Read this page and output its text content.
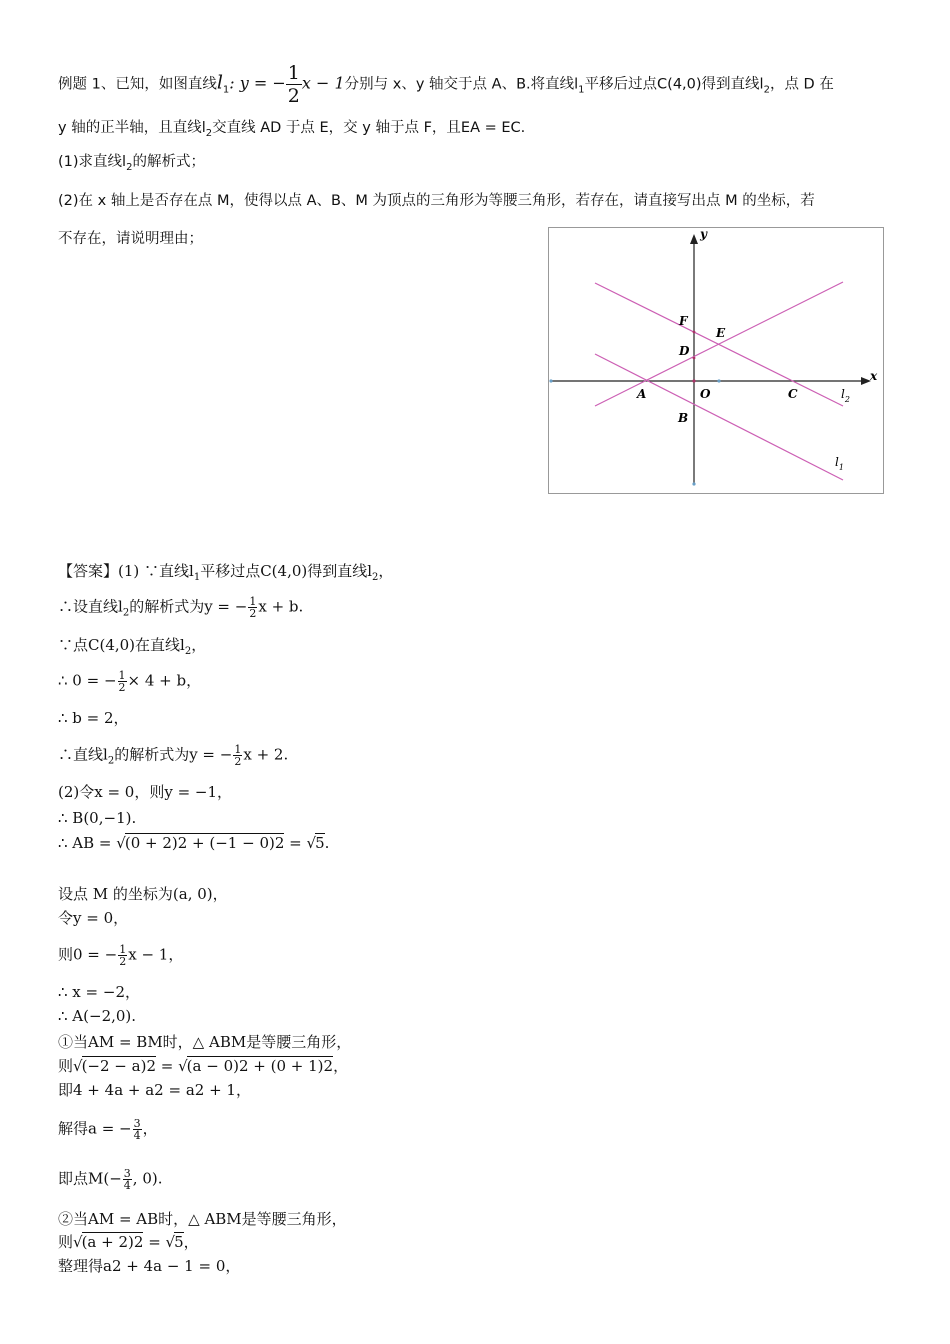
例题 1、已知，如图直线$l_1$: y = − $\frac{1}{2}$ x − 1分别与 x、y 轴交于点 A、B.将直线$l_1$平移后过点C(4,0)得到直线$l_2$，点 D 在
y 轴的正半轴，且直线$l_2$交直线 AD 于点 E，交 y 轴于点 F，且EA = EC.
(1)求直线$l_2$的解析式；
(2)在 x 轴上是否存在点 M，使得以点 A、B、M 为顶点的三角形为等腰三角形，若存在，请直接写出点 M 的坐标，若
不存在，请说明理由；	y
x
F
E
D
A	O	C
B
$l_2$
$l_1$
【答案】(1) ∵直线$l_1$平移过点C(4,0)得到直线$l_2$，
∴设直线$l_2$的解析式为y = − $\frac{1}{2}$ x + b.
∵点C(4,0)在直线$l_2$，
∴ 0 = − $\frac{1}{2} \times 4 + b$，
∴ b = 2，
∴直线$l_2$的解析式为y = − $\frac{1}{2}$ x + 2.
(2)令x = 0，则y = −1，
∴ B(0,−1).
∴ AB = √(0 + 2)2 + (−1 − 0)2 = √5.
设点 M 的坐标为(a, 0)，
令y = 0，
则0 = − $\frac{1}{2}$ x − 1，
∴ x = −2，
∴ A(−2,0).
①当AM = BM时，△ ABM是等腰三角形，
则√(−2 − a)2 = √(a − 0)2 + (0 + 1)2，
即4 + 4a + a2 = a2 + 1，
解得a = − $\frac{3}{4}$ ，
即点$M(- \frac{3}{4}$ , 0).
②当AM = AB时，△ ABM是等腰三角形，
则√(a + 2)2 = √5，
整理得a2 + 4a − 1 = 0，
